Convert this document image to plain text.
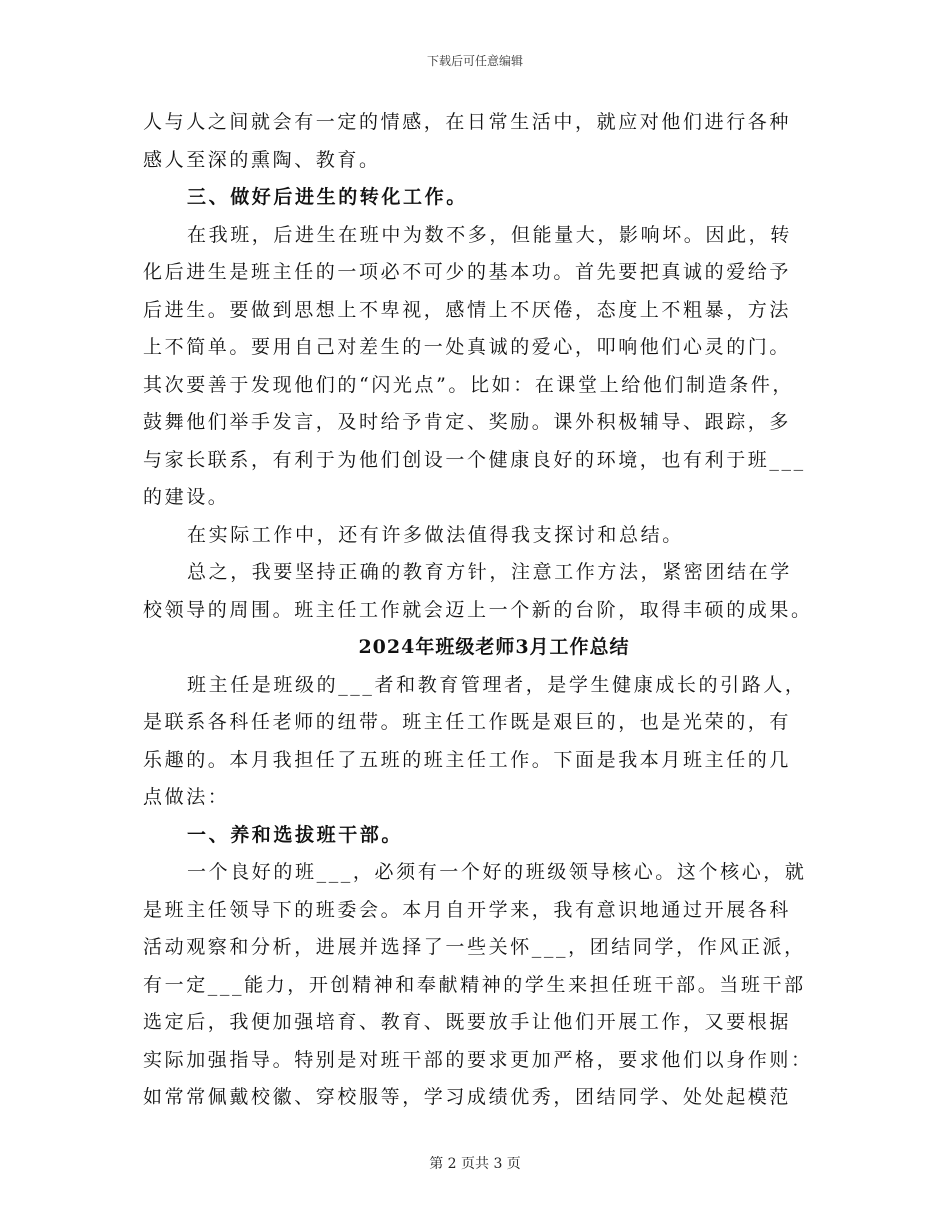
下载后可任意编辑
人与人之间就会有一定的情感，在日常生活中，就应对他们进行各种
感人至深的熏陶、教育。
三、做好后进生的转化工作。
在我班，后进生在班中为数不多，但能量大，影响坏。因此，转
化后进生是班主任的一项必不可少的基本功。首先要把真诚的爱给予
后进生。要做到思想上不卑视，感情上不厌倦，态度上不粗暴，方法
上不简单。要用自己对差生的一处真诚的爱心，叩响他们心灵的门。
其次要善于发现他们的“闪光点”。比如：在课堂上给他们制造条件，
鼓舞他们举手发言，及时给予肯定、奖励。课外积极辅导、跟踪，多
与家长联系，有利于为他们创设一个健康良好的环境，也有利于班___
的建设。
在实际工作中，还有许多做法值得我支探讨和总结。
总之，我要坚持正确的教育方针，注意工作方法，紧密团结在学
校领导的周围。班主任工作就会迈上一个新的台阶，取得丰硕的成果。
2024年班级老师3月工作总结
班主任是班级的___者和教育管理者，是学生健康成长的引路人，
是联系各科任老师的纽带。班主任工作既是艰巨的，也是光荣的，有
乐趣的。本月我担任了五班的班主任工作。下面是我本月班主任的几
点做法：
一、养和选拔班干部。
一个良好的班___，必须有一个好的班级领导核心。这个核心，就
是班主任领导下的班委会。本月自开学来，我有意识地通过开展各科
活动观察和分析，进展并选择了一些关怀___，团结同学，作风正派，
有一定___能力，开创精神和奉献精神的学生来担任班干部。当班干部
选定后，我便加强培育、教育、既要放手让他们开展工作，又要根据
实际加强指导。特别是对班干部的要求更加严格，要求他们以身作则：
如常常佩戴校徽、穿校服等，学习成绩优秀，团结同学、处处起模范
第 2 页共 3 页
